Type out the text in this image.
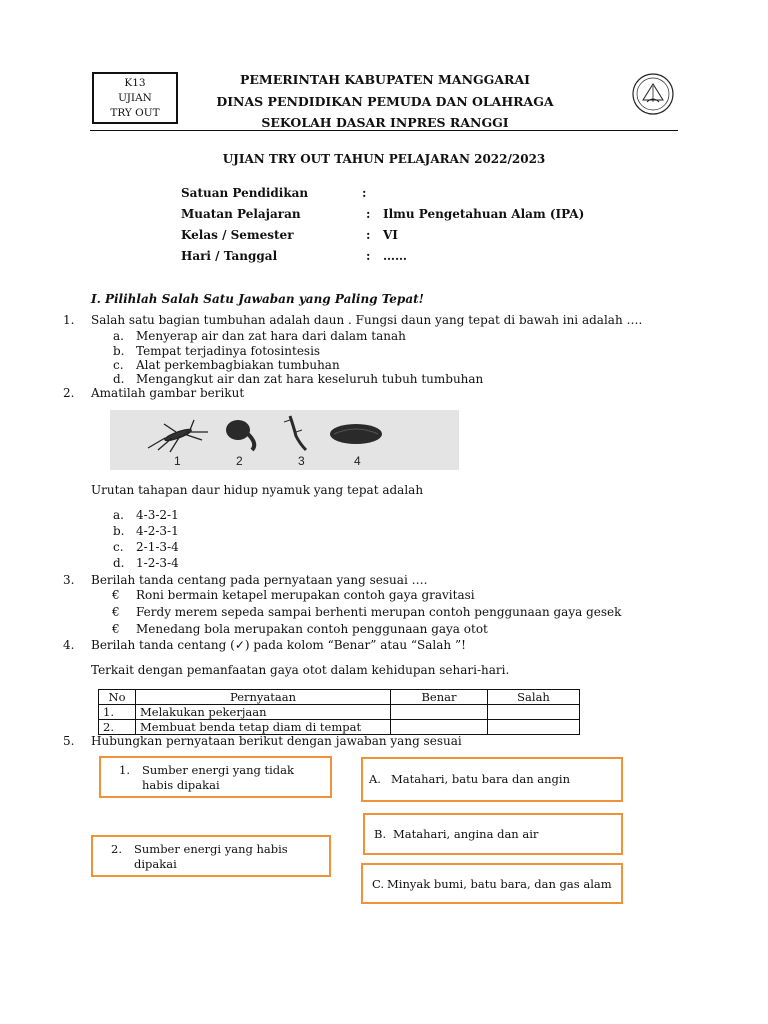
K13
UJIAN
TRY OUT
PEMERINTAH KABUPATEN MANGGARAI
DINAS PENDIDIKAN PEMUDA DAN OLAHRAGA
SEKOLAH DASAR INPRES RANGGI
UJIAN TRY OUT TAHUN PELAJARAN 2022/2023
Satuan Pendidikan	:
Muatan Pelajaran	: Ilmu Pengetahuan Alam (IPA)
Kelas / Semester	: VI
Hari / Tanggal	: ……
I. Pilihlah Salah Satu Jawaban yang Paling Tepat!
1. Salah satu bagian tumbuhan adalah daun . Fungsi daun yang tepat di bawah ini adalah ….
a. Menyerap air dan zat hara dari dalam tanah
b. Tempat terjadinya fotosintesis
c. Alat perkembagbiakan tumbuhan
d. Mengangkut air dan zat hara keseluruh tubuh tumbuhan
2. Amatilah gambar berikut
1	2	3	4
Urutan tahapan daur hidup nyamuk yang tepat adalah
a. 4-3-2-1
b. 4-2-3-1
c. 2-1-3-4
d. 1-2-3-4
3. Berilah tanda centang pada pernyataan yang sesuai ….
€ Roni bermain ketapel merupakan contoh gaya gravitasi
€ Ferdy merem sepeda sampai berhenti merupan contoh penggunaan gaya gesek
€ Menedang bola merupakan contoh penggunaan gaya otot
4. Berilah tanda centang (✓) pada kolom “Benar” atau “Salah ”!
Terkait dengan pemanfaatan gaya otot dalam kehidupan sehari-hari.
No	Pernyataan	Benar	Salah
1.	Melakukan pekerjaan		
2.	Membuat benda tetap diam di tempat		
5. Hubungkan pernyataan berikut dengan jawaban yang sesuai
1. Sumber energi yang tidak
habis dipakai
2. Sumber energi yang habis
dipakai
A. Matahari, batu bara dan angin
B. Matahari, angina dan air
C. Minyak bumi, batu bara, dan gas alam
